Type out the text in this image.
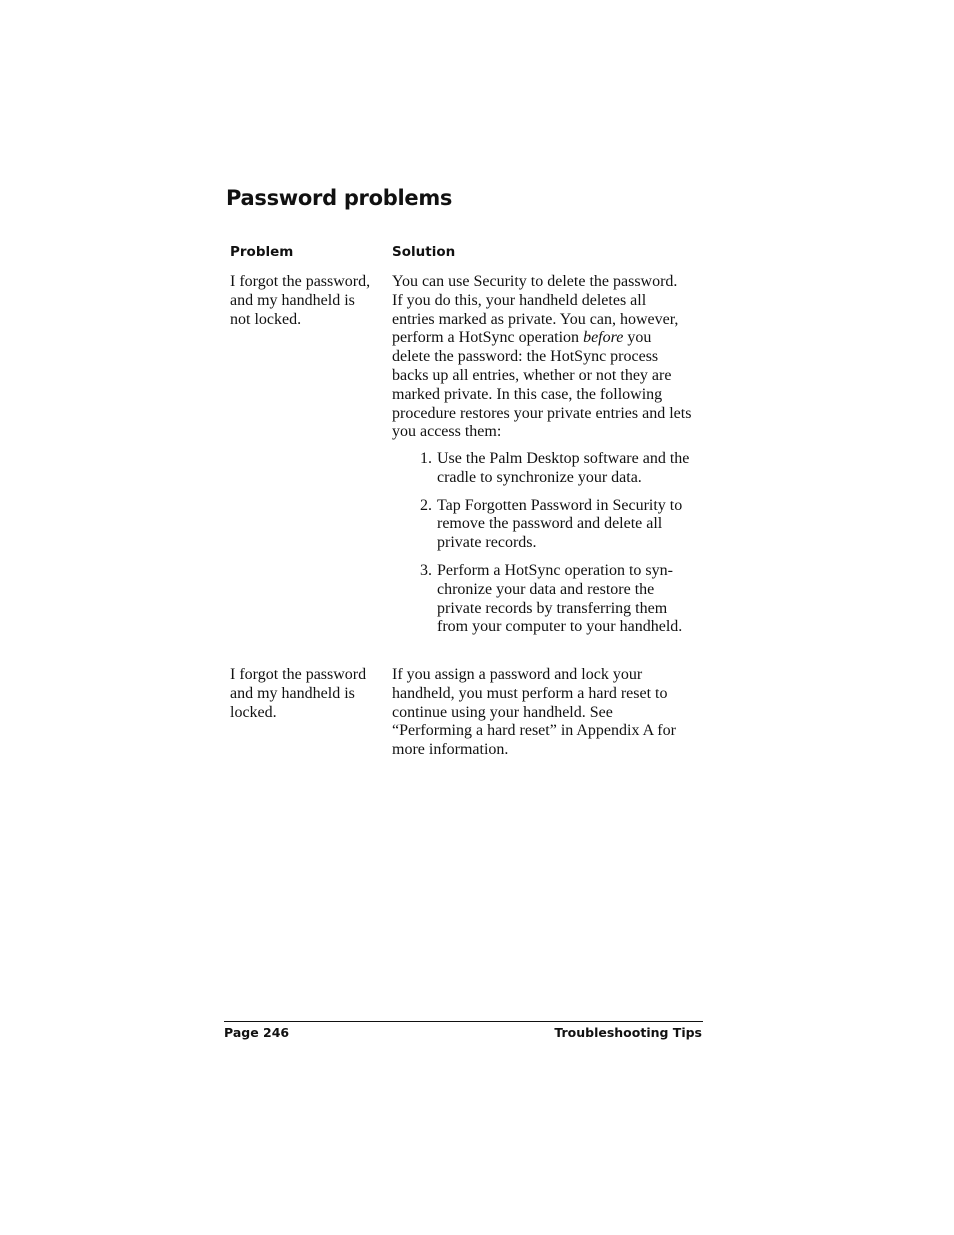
Password problems
Problem	Solution
I forgot the password, and my handheld is not locked.
You can use Security to delete the password. If you do this, your handheld deletes all entries marked as private. You can, however, perform a HotSync operation before you delete the password: the HotSync process backs up all entries, whether or not they are marked private. In this case, the following procedure restores your private entries and lets you access them:
1. Use the Palm Desktop software and the cradle to synchronize your data.
2. Tap Forgotten Password in Security to remove the password and delete all private records.
3. Perform a HotSync operation to syn-chronize your data and restore the private records by transferring them from your computer to your handheld.
I forgot the password and my handheld is locked.
If you assign a password and lock your handheld, you must perform a hard reset to continue using your handheld. See “Performing a hard reset” in Appendix A for more information.
Page 246	Troubleshooting Tips
